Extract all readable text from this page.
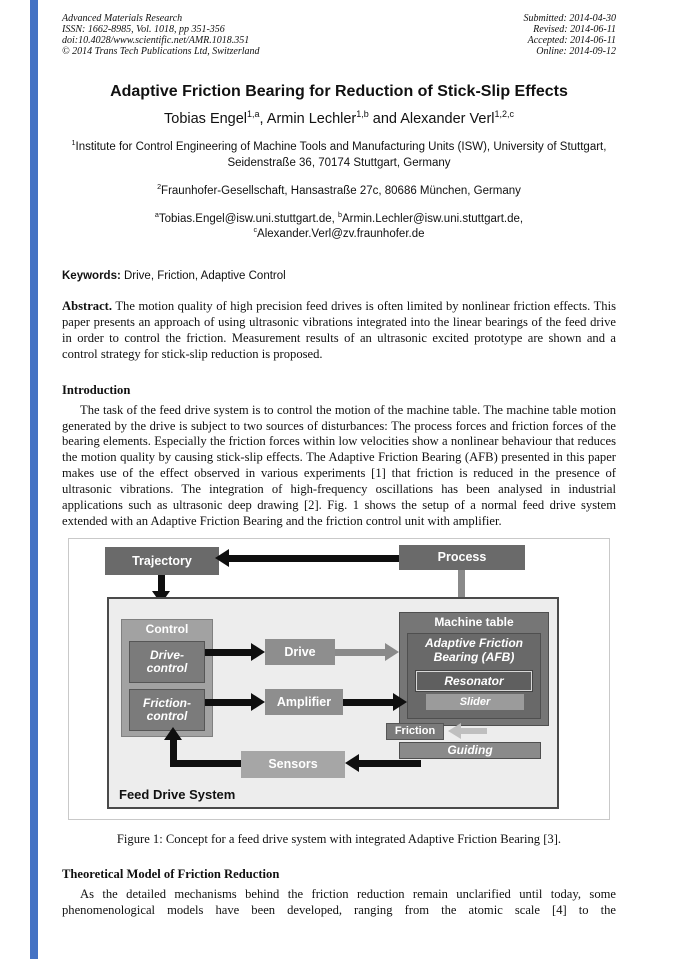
Advanced Materials Research
ISSN: 1662-8985, Vol. 1018, pp 351-356
doi:10.4028/www.scientific.net/AMR.1018.351
© 2014 Trans Tech Publications Ltd, Switzerland
Submitted: 2014-04-30
Revised: 2014-06-11
Accepted: 2014-06-11
Online: 2014-09-12
Adaptive Friction Bearing for Reduction of Stick-Slip Effects
Tobias Engel$^{1,a}$, Armin Lechler$^{1,b}$ and Alexander Verl$^{1,2,c}$
$^1$Institute for Control Engineering of Machine Tools and Manufacturing Units (ISW), University of Stuttgart, Seidenstraße 36, 70174 Stuttgart, Germany
$^2$Fraunhofer-Gesellschaft, Hansastraße 27c, 80686 München, Germany
$^a$Tobias.Engel@isw.uni.stuttgart.de, $^b$Armin.Lechler@isw.uni.stuttgart.de,
$^c$Alexander.Verl@zv.fraunhofer.de

Keywords: Drive, Friction, Adaptive Control

Abstract. The motion quality of high precision feed drives is often limited by nonlinear friction effects. This paper presents an approach of using ultrasonic vibrations integrated into the linear bearings of the feed drive in order to control the friction. Measurement results of an ultrasonic excited prototype are shown and a control strategy for stick-slip reduction is proposed.

Introduction

The task of the feed drive system is to control the motion of the machine table. The machine table motion generated by the drive is subject to two sources of disturbances: The process forces and friction forces of the bearing elements. Especially the friction forces within low velocities show a nonlinear behaviour that reduces the motion quality by causing stick-slip effects. The Adaptive Friction Bearing (AFB) presented in this paper makes use of the effect observed in various experiments [1] that friction is reduced in the presence of ultrasonic vibrations. The integration of high-frequency oscillations has been analysed in industrial applications such as ultrasonic deep drawing [2]. Fig. 1 shows the setup of a normal feed drive system extended with an Adaptive Friction Bearing and the friction control unit with amplifier.

Trajectory	Process
Feed Drive System
Control
Drive-control
Friction-control
Drive
Amplifier
Machine table
Adaptive Friction Bearing (AFB)
Resonator
Slider
Friction
Guiding
Sensors

Figure 1: Concept for a feed drive system with integrated Adaptive Friction Bearing [3].

Theoretical Model of Friction Reduction

As the detailed mechanisms behind the friction reduction remain unclarified until today, some phenomenological models have been developed, ranging from the atomic scale [4] to the
